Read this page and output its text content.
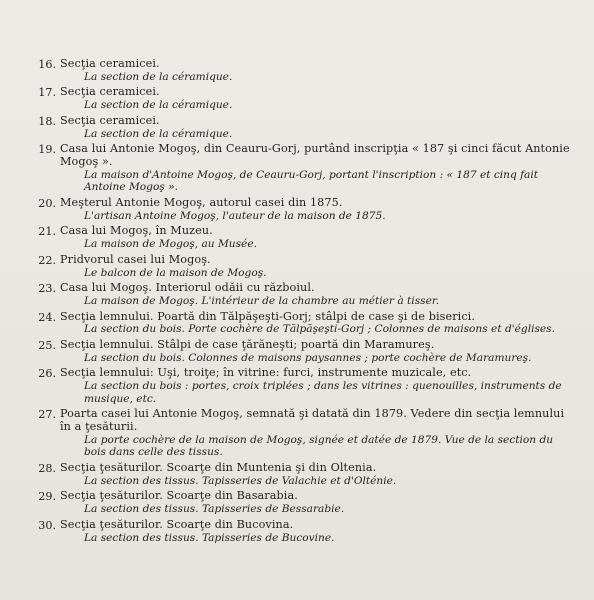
16. Secţia ceramicei.
La section de la céramique.
17. Secţia ceramicei.
La section de la céramique.
18. Secţia ceramicei.
La section de la céramique.
19. Casa lui Antonie Mogoş, din Ceauru-Gorj, purtând inscripţia « 187 şi cinci făcut Antonie Mogoş ».
La maison d'Antoine Mogoş, de Ceauru-Gorj, portant l'inscription : « 187 et cinq fait Antoine Mogoş ».
20. Meşterul Antonie Mogoş, autorul casei din 1875.
L'artisan Antoine Mogoş, l'auteur de la maison de 1875.
21. Casa lui Mogoş, în Muzeu.
La maison de Mogoş, au Musée.
22. Pridvorul casei lui Mogoş.
Le balcon de la maison de Mogoş.
23. Casa lui Mogoş. Interiorul odăii cu războiul.
La maison de Mogoş. L'intérieur de la chambre au métier à tisser.
24. Secţia lemnului. Poartă din Tălpăşeşti-Gorj; stâlpi de case şi de biserici.
La section du bois. Porte cochère de Tălpăşeşti-Gorj ; Colonnes de maisons et d'églises.
25. Secţia lemnului. Stâlpi de case ţărăneşti; poartă din Maramureş.
La section du bois. Colonnes de maisons paysannes ; porte cochère de Maramureş.
26. Secţia lemnului: Uşi, troiţe; în vitrine: furci, instrumente muzicale, etc.
La section du bois : portes, croix triplées ; dans les vitrines : quenouilles, instruments de musique, etc.
27. Poarta casei lui Antonie Mogoş, semnată şi datată din 1879. Vedere din secţia lemnului în a ţesăturii.
La porte cochère de la maison de Mogoş, signée et datée de 1879. Vue de la section du bois dans celle des tissus.
28. Secţia ţesăturilor. Scoarţe din Muntenia şi din Oltenia.
La section des tissus. Tapisseries de Valachie et d'Olténie.
29. Secţia ţesăturilor. Scoarţe din Basarabia.
La section des tissus. Tapisseries de Bessarabie.
30. Secţia ţesăturilor. Scoarţe din Bucovina.
La section des tissus. Tapisseries de Bucovine.
